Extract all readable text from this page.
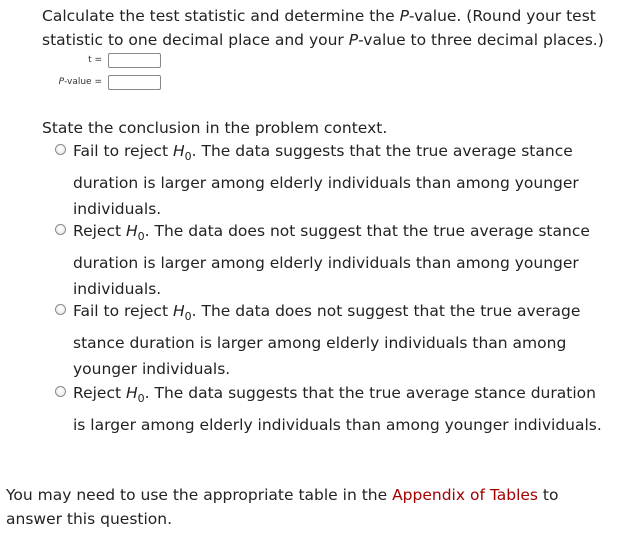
Calculate the test statistic and determine the P-value. (Round your test statistic to one decimal place and your P-value to three decimal places.)
t =
P-value =
State the conclusion in the problem context.
Fail to reject $H_0$. The data suggests that the true average stance duration is larger among elderly individuals than among younger individuals.
Reject $H_0$. The data does not suggest that the true average stance duration is larger among elderly individuals than among younger individuals.
Fail to reject $H_0$. The data does not suggest that the true average stance duration is larger among elderly individuals than among younger individuals.
Reject $H_0$. The data suggests that the true average stance duration is larger among elderly individuals than among younger individuals.
You may need to use the appropriate table in the Appendix of Tables to answer this question.
